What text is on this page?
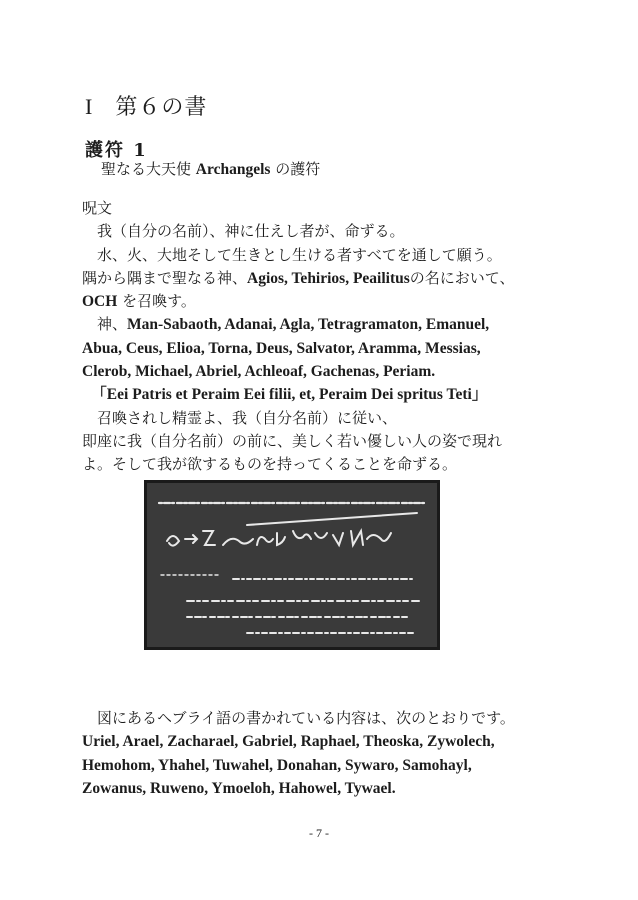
I 第６の書
護符 1
聖なる大天使 Archangels の護符

呪文

我（自分の名前）、神に仕えし者が、命ずる。

水、火、大地そして生きとし生ける者すべてを通して願う。

隅から隅まで聖なる神、Agios, Tehirios, Peailitusの名において、

OCH を召喚す。

神、Man-Sabaoth, Adanai, Agla, Tetragramaton, Emanuel,

Abua, Ceus, Elioa, Torna, Deus, Salvator, Aramma, Messias,

Clerob, Michael, Abriel, Achleoaf, Gachenas, Periam.

「Eei Patris et Peraim Eei filii, et, Peraim Dei spritus Teti」

召喚されし精霊よ、我（自分名前）に従い、

即座に我（自分名前）の前に、美しく若い優しい人の姿で現れ

よ。そして我が欲するものを持ってくることを命ずる。

図にあるヘブライ語の書かれている内容は、次のとおりです。

Uriel, Arael, Zacharael, Gabriel, Raphael, Theoska, Zywolech,

Hemohom, Yhahel, Tuwahel, Donahan, Sywaro, Samohayl,

Zowanus, Ruweno, Ymoeloh, Hahowel, Tywael.

- 7 -
